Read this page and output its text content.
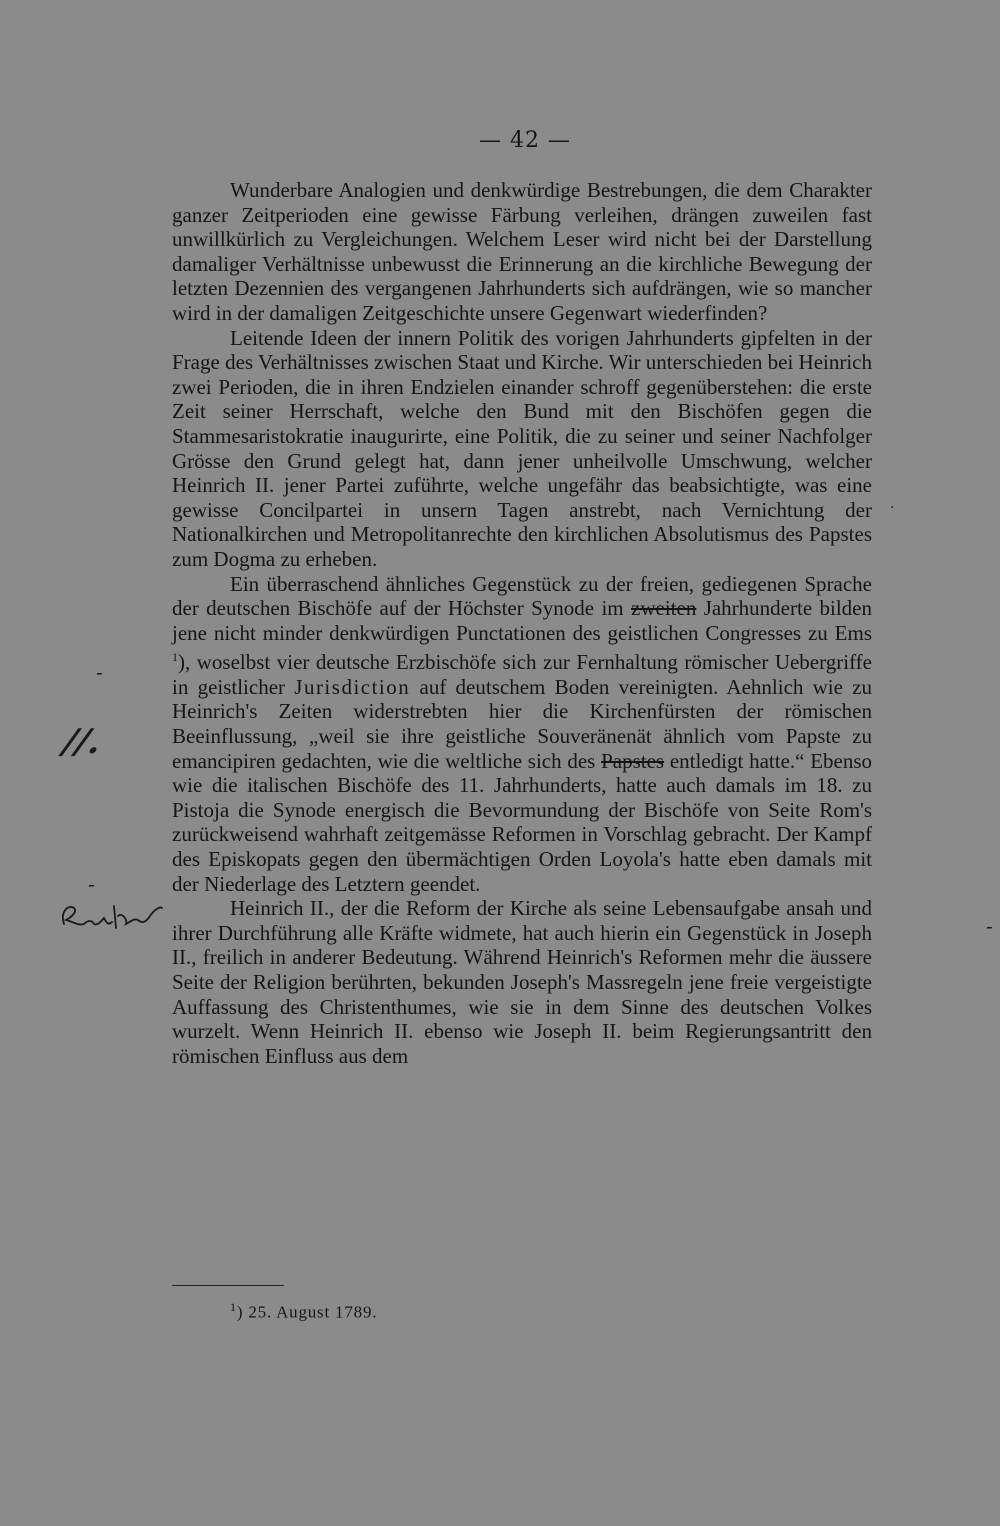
— 42 —

Wunderbare Analogien und denkwürdige Bestrebungen, die dem Charakter ganzer Zeitperioden eine gewisse Färbung verleihen, drängen zuweilen fast unwillkürlich zu Vergleichungen. Welchem Leser wird nicht bei der Darstellung damaliger Verhältnisse unbewusst die Erinnerung an die kirchliche Bewegung der letzten Dezennien des vergangenen Jahrhunderts sich aufdrängen, wie so mancher wird in der damaligen Zeitgeschichte unsere Gegenwart wiederfinden?

Leitende Ideen der innern Politik des vorigen Jahrhunderts gipfelten in der Frage des Verhältnisses zwischen Staat und Kirche. Wir unterschieden bei Heinrich zwei Perioden, die in ihren Endzielen einander schroff gegenüberstehen: die erste Zeit seiner Herrschaft, welche den Bund mit den Bischöfen gegen die Stammesaristokratie inaugurirte, eine Politik, die zu seiner und seiner Nachfolger Grösse den Grund gelegt hat, dann jener unheilvolle Umschwung, welcher Heinrich II. jener Partei zuführte, welche ungefähr das beabsichtigte, was eine gewisse Concilpartei in unsern Tagen anstrebt, nach Vernichtung der Nationalkirchen und Metropolitanrechte den kirchlichen Absolutismus des Papstes zum Dogma zu erheben.

Ein überraschend ähnliches Gegenstück zu der freien, gediegenen Sprache der deutschen Bischöfe auf der Höchster Synode im zweiten Jahrhunderte bilden jene nicht minder denkwürdigen Punctationen des geistlichen Congresses zu Ems $^1$), woselbst vier deutsche Erzbischöfe sich zur Fernhaltung römischer Uebergriffe in geistlicher Jurisdiction auf deutschem Boden vereinigten. Aehnlich wie zu Heinrich's Zeiten widerstrebten hier die Kirchenfürsten der römischen Beeinflussung, „weil sie ihre geistliche Souveränenät ähnlich vom Papste zu emancipiren gedachten, wie die weltliche sich des Papstes entledigt hatte.“ Ebenso wie die italischen Bischöfe des 11. Jahrhunderts, hatte auch damals im 18. zu Pistoja die Synode energisch die Bevormundung der Bischöfe von Seite Rom's zurückweisend wahrhaft zeitgemässe Reformen in Vorschlag gebracht. Der Kampf des Episkopats gegen den übermächtigen Orden Loyola's hatte eben damals mit der Niederlage des Letztern geendet.

Heinrich II., der die Reform der Kirche als seine Lebensaufgabe ansah und ihrer Durchführung alle Kräfte widmete, hat auch hierin ein Gegenstück in Joseph II., freilich in anderer Bedeutung. Während Heinrich's Reformen mehr die äussere Seite der Religion berührten, bekunden Joseph's Massregeln jene freie vergeistigte Auffassung des Christenthumes, wie sie in dem Sinne des deutschen Volkes wurzelt. Wenn Heinrich II. ebenso wie Joseph II. beim Regierungsantritt den römischen Einfluss aus dem

$^1$) 25. August 1789.
//.
-
-
-
·
